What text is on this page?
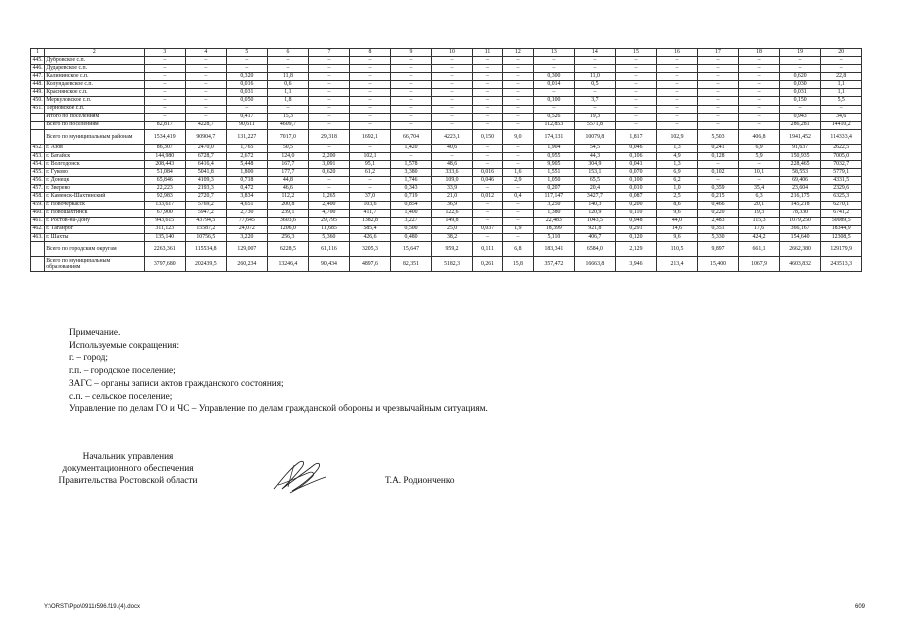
1	2	3	4	5	6	7	8	9	10	11	12	13	14	15	16	17	18	19	20
445.	Дубровское с.п.	–	–	–	–	–	–	–	–	–	–	–	–	–	–	–	–	–	–
446.	Дударевское с.п.	–	–	–	–	–	–	–	–	–	–	–	–	–	–	–	–	–	–
447.	Калининское с.п.	–	–	0,320	11,8	–	–	–	–	–	–	0,300	11,0	–	–	–	–	0,620	22,8
448.	Колундаевское с.п.	–	–	0,016	0,6	–	–	–	–	–	–	0,014	0,5	–	–	–	–	0,030	1,1
449.	Краснянское с.п.	–	–	0,031	1,1	–	–	–	–	–	–	–	–	–	–	–	–	0,031	1,1
450.	Меркуловское с.п.	–	–	0,050	1,8	–	–	–	–	–	–	0,100	3,7	–	–	–	–	0,150	5,5
451.	Терновское с.п.	–	–	–	–	–	–	–	–	–	–	–	–	–	–	–	–	–	–
	Итого по поселениям	–	–	0,417	15,3	–	–	–	–	–	–	0,526	19,3	–	–	–	–	0,943	34,6
	Всего по поселениям	82,817	4228,7	90,611	4609,7	–	–	–	–	–	–	112,853	5571,8	–	–	–	–	286,281	14410,2
	Всего по муниципальным районам	1534,419	90904,7	131,227	7017,0	29,318	1692,1	66,704	4223,1	0,150	9,0	174,131	10079,8	1,817	102,9	5,503	406,8	1941,452	114333,4
452.	г. Азов	86,307	2470,0	1,765	50,5	–	–	1,420	40,6	–	–	1,904	54,5	0,046	1,3	0,241	6,9	91,637	2622,5
453.	г. Батайск	144,980	6728,7	2,672	124,0	2,200	102,1	–	–	–	–	0,955	44,3	0,106	4,9	0,128	5,9	150,935	7005,0
454.	г. Волгодонск	208,443	6416,4	5,448	167,7	3,091	95,1	1,578	48,6	–	–	9,905	304,9	0,041	1,3	–	–	228,465	7032,7
455.	г. Гуково	51,084	5041,8	1,800	177,7	0,620	61,2	3,380	333,6	0,016	1,6	1,551	153,1	0,070	6,9	0,102	10,1	58,553	5779,1
456.	г. Донецк	65,846	4109,3	0,718	44,8	–	–	1,746	109,0	0,046	2,9	1,050	65,5	0,100	6,2	–	–	69,406	4331,5
457.	г. Зверево	22,223	2193,3	0,472	46,6	–	–	0,343	33,9	–	–	0,207	20,4	0,010	1,0	0,359	35,4	23,604	2329,6
458.	г. Каменск-Шахтинский	92,983	2720,7	3,834	112,2	1,265	37,0	0,719	21,0	0,012	0,4	117,147	3427,7	0,087	2,5	0,215	6,3	216,175	6325,3
459.	г. Новочеркасск	133,617	5769,2	4,651	200,8	2,400	103,6	0,854	36,9	–	–	3,250	140,3	0,200	8,6	0,466	20,1	145,218	6270,1
460.	г. Новошахтинск	67,900	5947,2	2,730	239,1	4,700	411,7	1,400	122,6	–	–	1,380	120,9	0,110	9,6	0,220	19,3	78,330	6741,2
461.	г. Ростов-на-Дону	943,615	43794,5	77,645	3603,6	29,795	1382,8	3,227	149,8	–	–	22,483	1043,5	0,948	44,0	2,483	115,3	1079,250	50089,5
462.	г. Таганрог	311,123	15587,2	24,072	1206,0	11,685	585,4	0,500	25,0	0,037	1,9	18,399	921,8	0,291	14,6	0,351	17,6	366,167	18344,9
463.	г. Шахты	135,140	10756,5	3,220	256,3	5,360	426,6	0,480	38,2	–	–	5,110	406,7	0,120	9,6	5,330	424,2	154,640	12308,5
	Всего по городским округам	2263,361	115534,8	129,007	6228,5	61,116	3205,3	15,647	959,2	0,111	6,8	183,341	6584,0	2,129	110,5	9,897	661,1	2662,380	129179,9
	Всего по муниципальным образованиям	3797,680	202439,5	260,234	13246,4	90,434	4897,6	82,351	5182,3	0,261	15,8	357,472	16663,8	3,946	213,4	15,400	1067,9	4603,832	243513,3
Примечание.
Используемые сокращения:
г. – город;
г.п. – городское поселение;
ЗАГС – органы записи актов гражданского состояния;
с.п. – сельское поселение;
Управление по делам ГО и ЧС – Управление по делам гражданской обороны и чрезвычайным ситуациям.
Начальник управления
документационного обеспечения
Правительства Ростовской области	Т.А. Родионченко
Y:\ORST\Ppo\0911r596.f19.(4).docx	609
